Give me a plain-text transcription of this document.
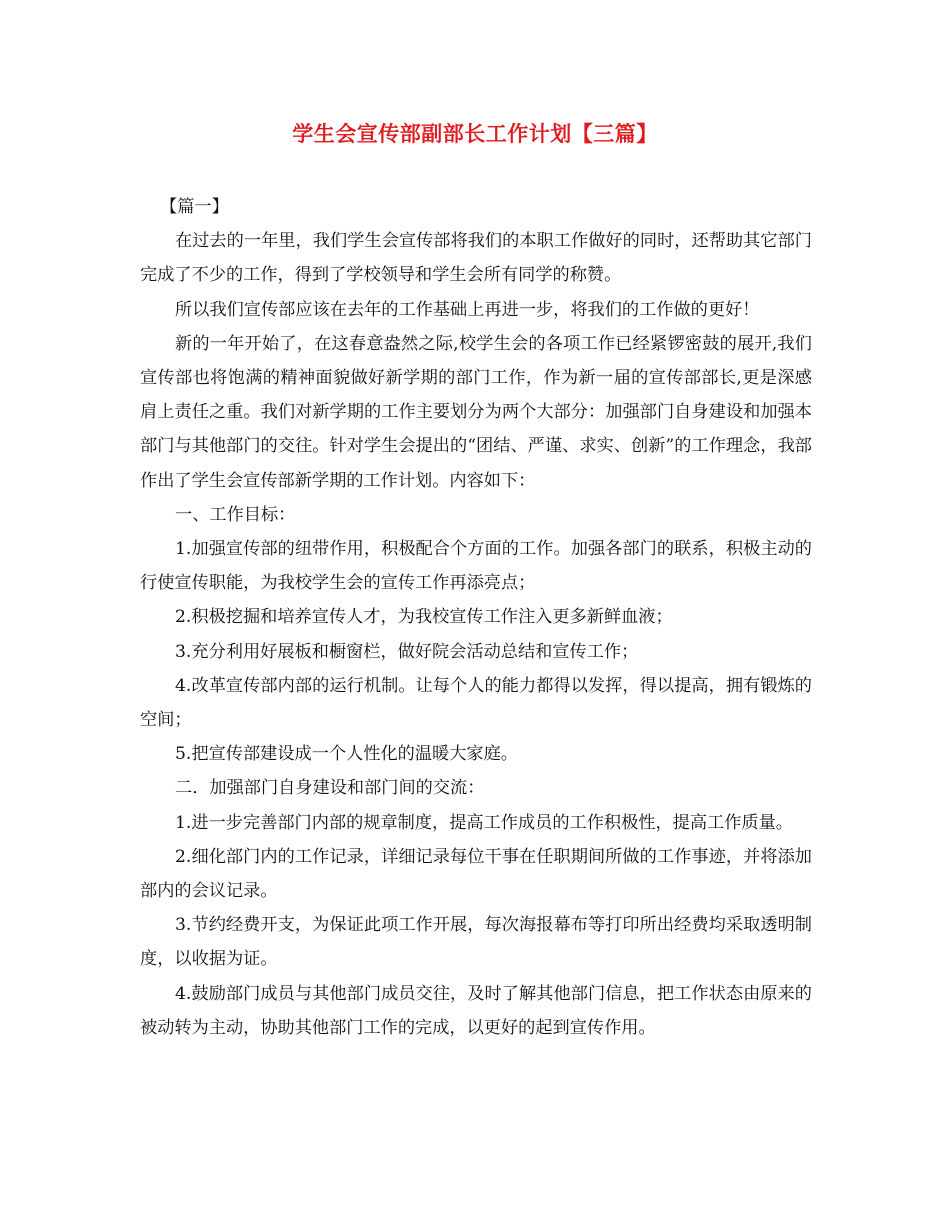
学生会宣传部副部长工作计划【三篇】

【篇一】

在过去的一年里，我们学生会宣传部将我们的本职工作做好的同时，还帮助其它部门完成了不少的工作，得到了学校领导和学生会所有同学的称赞。

所以我们宣传部应该在去年的工作基础上再进一步，将我们的工作做的更好！

新的一年开始了，在这春意盎然之际,校学生会的各项工作已经紧锣密鼓的展开,我们宣传部也将饱满的精神面貌做好新学期的部门工作，作为新一届的宣传部部长,更是深感肩上责任之重。我们对新学期的工作主要划分为两个大部分：加强部门自身建设和加强本部门与其他部门的交往。针对学生会提出的“团结、严谨、求实、创新”的工作理念，我部作出了学生会宣传部新学期的工作计划。内容如下：

一、工作目标：

1.加强宣传部的纽带作用，积极配合个方面的工作。加强各部门的联系，积极主动的行使宣传职能，为我校学生会的宣传工作再添亮点；

2.积极挖掘和培养宣传人才，为我校宣传工作注入更多新鲜血液；

3.充分利用好展板和橱窗栏，做好院会活动总结和宣传工作；

4.改革宣传部内部的运行机制。让每个人的能力都得以发挥，得以提高，拥有锻炼的空间；

5.把宣传部建设成一个人性化的温暖大家庭。

二．加强部门自身建设和部门间的交流：

1.进一步完善部门内部的规章制度，提高工作成员的工作积极性，提高工作质量。

2.细化部门内的工作记录，详细记录每位干事在任职期间所做的工作事迹，并将添加部内的会议记录。

3.节约经费开支，为保证此项工作开展，每次海报幕布等打印所出经费均采取透明制度，以收据为证。

4.鼓励部门成员与其他部门成员交往，及时了解其他部门信息，把工作状态由原来的被动转为主动，协助其他部门工作的完成，以更好的起到宣传作用。
